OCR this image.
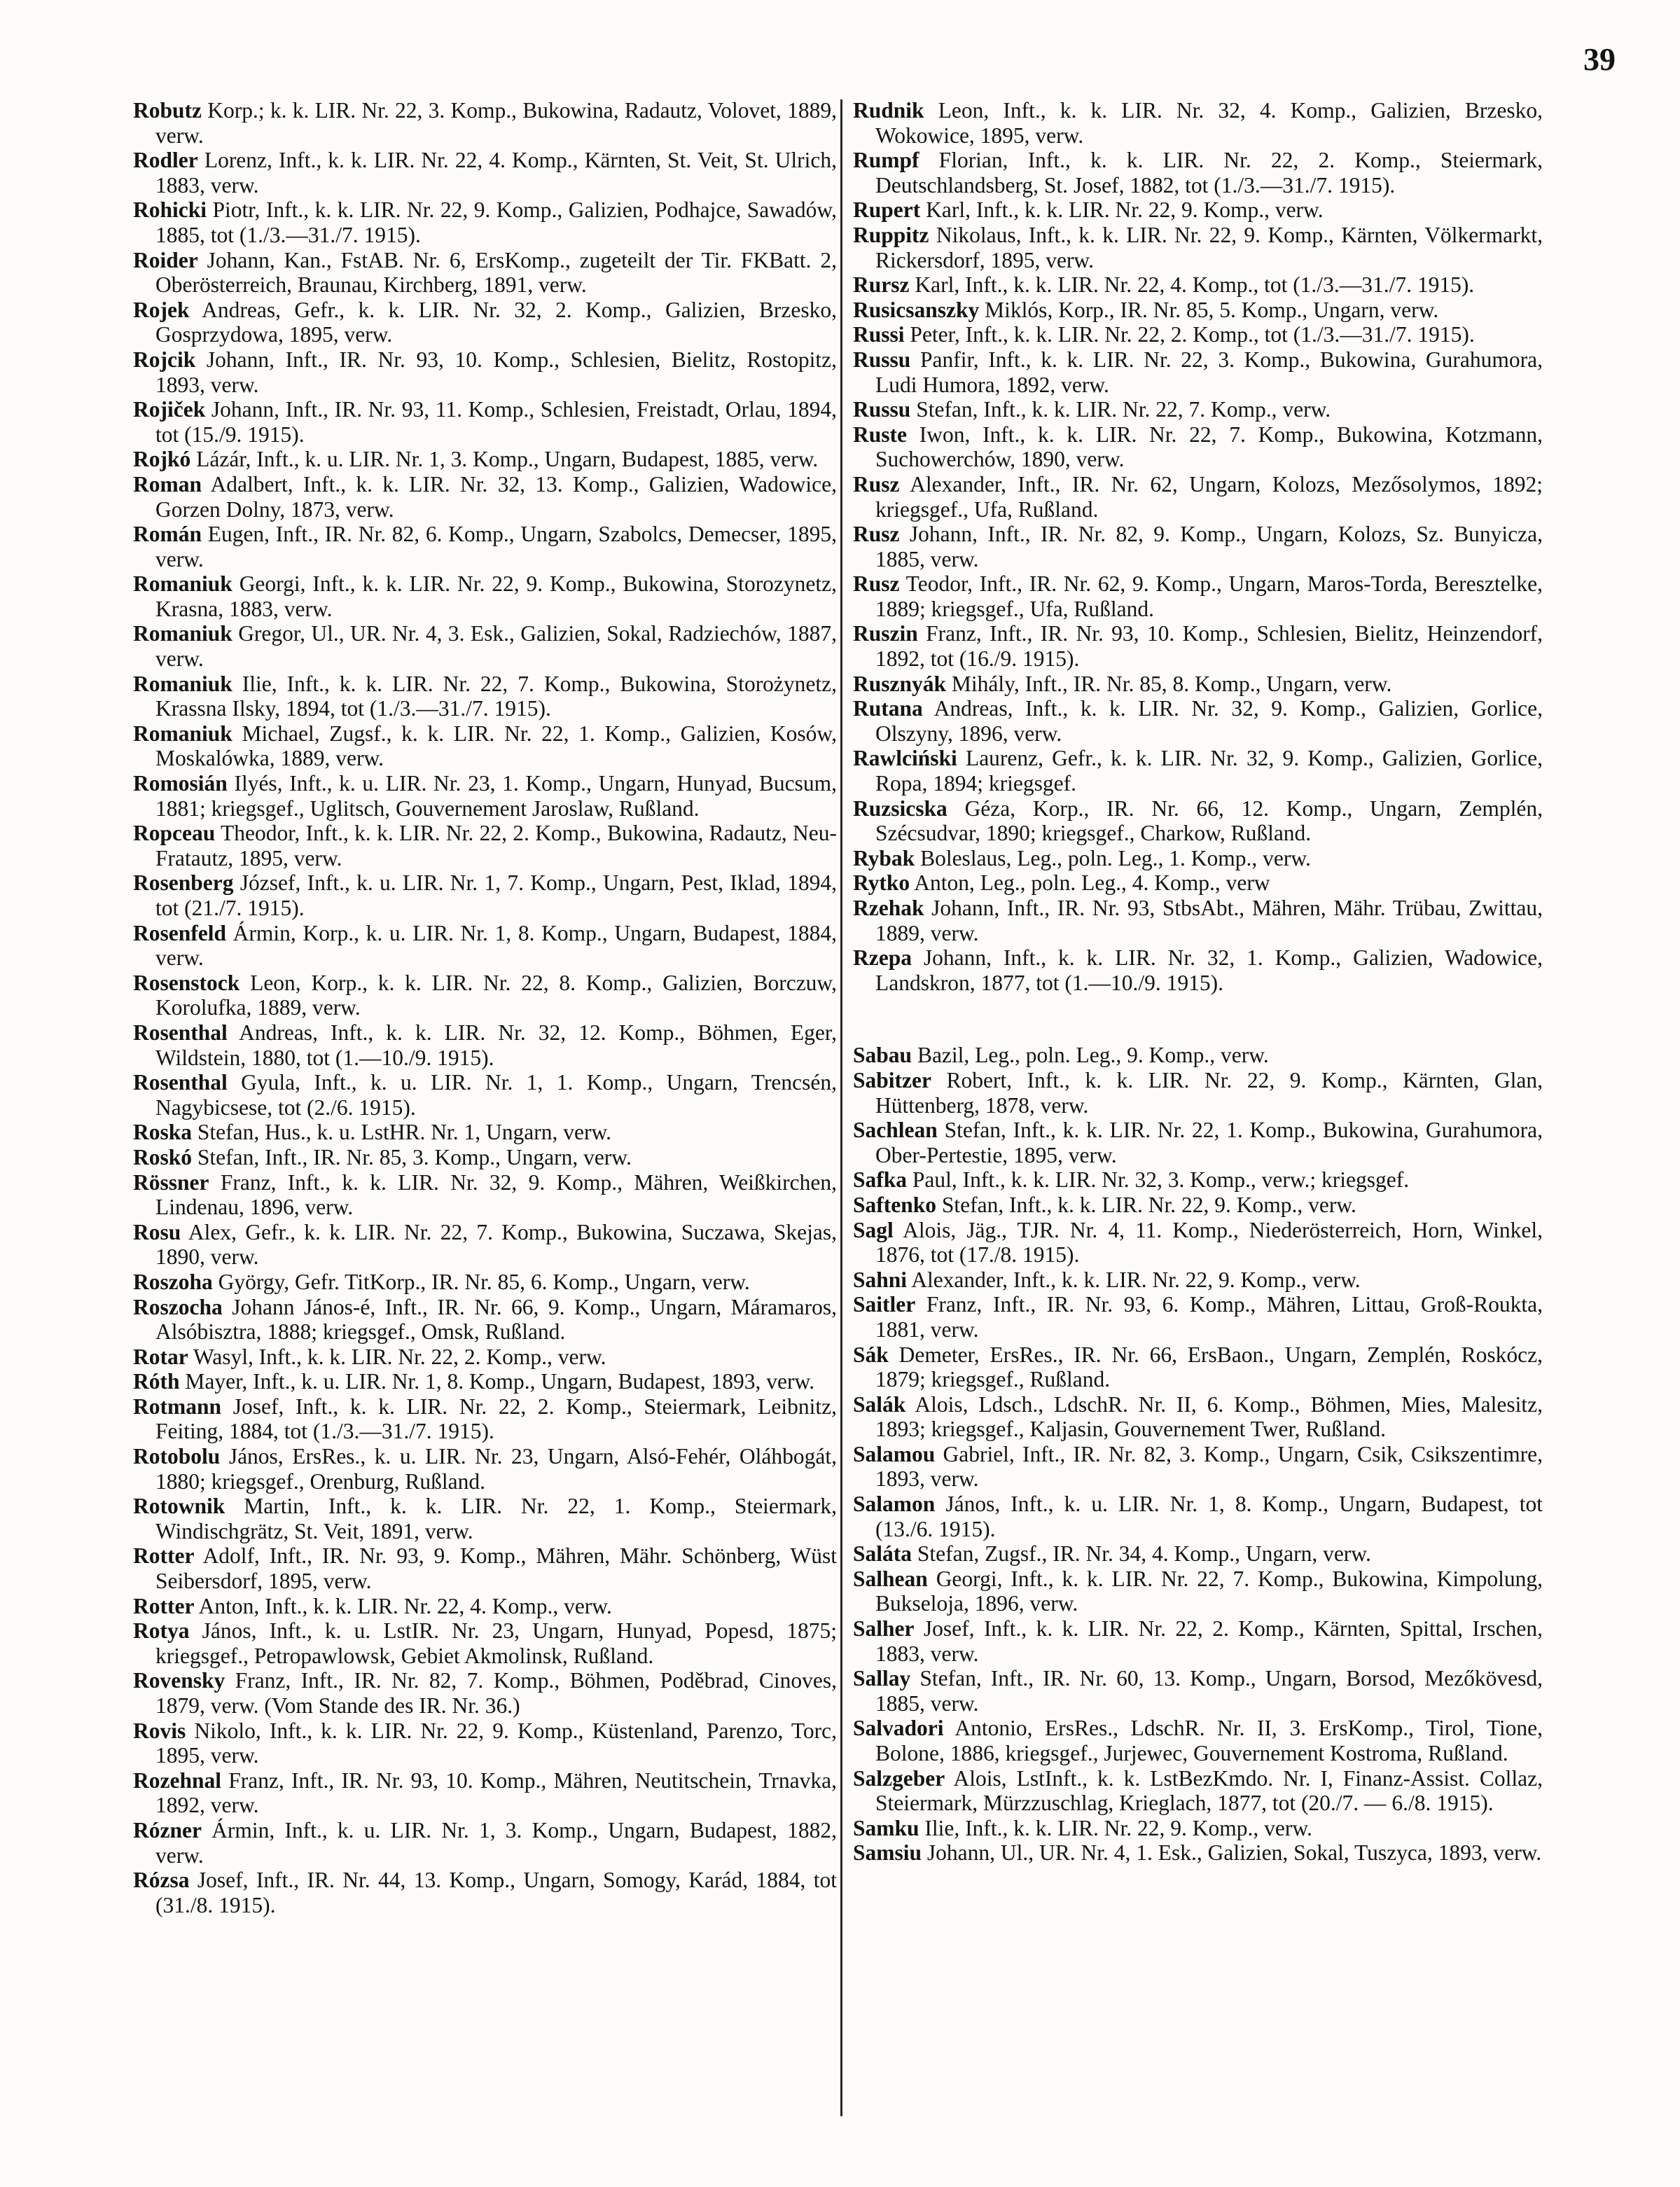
39

Robutz Korp.; k. k. LIR. Nr. 22, 3. Komp., Bukowina, Radautz, Volovet, 1889, verw.

Rodler Lorenz, Inft., k. k. LIR. Nr. 22, 4. Komp., Kärnten, St. Veit, St. Ulrich, 1883, verw.

Rohicki Piotr, Inft., k. k. LIR. Nr. 22, 9. Komp., Galizien, Podhajce, Sawadów, 1885, tot (1./3.—31./7. 1915).

Roider Johann, Kan., FstAB. Nr. 6, ErsKomp., zugeteilt der Tir. FKBatt. 2, Oberösterreich, Braunau, Kirchberg, 1891, verw.

Rojek Andreas, Gefr., k. k. LIR. Nr. 32, 2. Komp., Galizien, Brzesko, Gosprzydowa, 1895, verw.

Rojcik Johann, Inft., IR. Nr. 93, 10. Komp., Schlesien, Bielitz, Rostopitz, 1893, verw.

Rojiček Johann, Inft., IR. Nr. 93, 11. Komp., Schlesien, Freistadt, Orlau, 1894, tot (15./9. 1915).

Rojkó Lázár, Inft., k. u. LIR. Nr. 1, 3. Komp., Ungarn, Budapest, 1885, verw.

Roman Adalbert, Inft., k. k. LIR. Nr. 32, 13. Komp., Galizien, Wadowice, Gorzen Dolny, 1873, verw.

Román Eugen, Inft., IR. Nr. 82, 6. Komp., Ungarn, Szabolcs, Demecser, 1895, verw.

Romaniuk Georgi, Inft., k. k. LIR. Nr. 22, 9. Komp., Bukowina, Storozynetz, Krasna, 1883, verw.

Romaniuk Gregor, Ul., UR. Nr. 4, 3. Esk., Galizien, Sokal, Radziechów, 1887, verw.

Romaniuk Ilie, Inft., k. k. LIR. Nr. 22, 7. Komp., Bukowina, Storożynetz, Krassna Ilsky, 1894, tot (1./3.—31./7. 1915).

Romaniuk Michael, Zugsf., k. k. LIR. Nr. 22, 1. Komp., Galizien, Kosów, Moskalówka, 1889, verw.

Romosián Ilyés, Inft., k. u. LIR. Nr. 23, 1. Komp., Ungarn, Hunyad, Bucsum, 1881; kriegsgef., Uglitsch, Gouvernement Jaroslaw, Rußland.

Ropceau Theodor, Inft., k. k. LIR. Nr. 22, 2. Komp., Bukowina, Radautz, Neu-Fratautz, 1895, verw.

Rosenberg József, Inft., k. u. LIR. Nr. 1, 7. Komp., Ungarn, Pest, Iklad, 1894, tot (21./7. 1915).

Rosenfeld Ármin, Korp., k. u. LIR. Nr. 1, 8. Komp., Ungarn, Budapest, 1884, verw.

Rosenstock Leon, Korp., k. k. LIR. Nr. 22, 8. Komp., Galizien, Borczuw, Korolufka, 1889, verw.

Rosenthal Andreas, Inft., k. k. LIR. Nr. 32, 12. Komp., Böhmen, Eger, Wildstein, 1880, tot (1.—10./9. 1915).

Rosenthal Gyula, Inft., k. u. LIR. Nr. 1, 1. Komp., Ungarn, Trencsén, Nagybicsese, tot (2./6. 1915).

Roska Stefan, Hus., k. u. LstHR. Nr. 1, Ungarn, verw.

Roskó Stefan, Inft., IR. Nr. 85, 3. Komp., Ungarn, verw.

Rössner Franz, Inft., k. k. LIR. Nr. 32, 9. Komp., Mähren, Weißkirchen, Lindenau, 1896, verw.

Rosu Alex, Gefr., k. k. LIR. Nr. 22, 7. Komp., Bukowina, Suczawa, Skejas, 1890, verw.

Roszoha György, Gefr. TitKorp., IR. Nr. 85, 6. Komp., Ungarn, verw.

Roszocha Johann János-é, Inft., IR. Nr. 66, 9. Komp., Ungarn, Máramaros, Alsóbisztra, 1888; kriegsgef., Omsk, Rußland.

Rotar Wasyl, Inft., k. k. LIR. Nr. 22, 2. Komp., verw.

Róth Mayer, Inft., k. u. LIR. Nr. 1, 8. Komp., Ungarn, Budapest, 1893, verw.

Rotmann Josef, Inft., k. k. LIR. Nr. 22, 2. Komp., Steiermark, Leibnitz, Feiting, 1884, tot (1./3.—31./7. 1915).

Rotobolu János, ErsRes., k. u. LIR. Nr. 23, Ungarn, Alsó-Fehér, Oláhbogát, 1880; kriegsgef., Orenburg, Rußland.

Rotownik Martin, Inft., k. k. LIR. Nr. 22, 1. Komp., Steiermark, Windischgrätz, St. Veit, 1891, verw.

Rotter Adolf, Inft., IR. Nr. 93, 9. Komp., Mähren, Mähr. Schönberg, Wüst Seibersdorf, 1895, verw.

Rotter Anton, Inft., k. k. LIR. Nr. 22, 4. Komp., verw.

Rotya János, Inft., k. u. LstIR. Nr. 23, Ungarn, Hunyad, Popesd, 1875; kriegsgef., Petropawlowsk, Gebiet Akmolinsk, Rußland.

Rovensky Franz, Inft., IR. Nr. 82, 7. Komp., Böhmen, Poděbrad, Cinoves, 1879, verw. (Vom Stande des IR. Nr. 36.)

Rovis Nikolo, Inft., k. k. LIR. Nr. 22, 9. Komp., Küstenland, Parenzo, Torc, 1895, verw.

Rozehnal Franz, Inft., IR. Nr. 93, 10. Komp., Mähren, Neutitschein, Trnavka, 1892, verw.

Rózner Ármin, Inft., k. u. LIR. Nr. 1, 3. Komp., Ungarn, Budapest, 1882, verw.

Rózsa Josef, Inft., IR. Nr. 44, 13. Komp., Ungarn, Somogy, Karád, 1884, tot (31./8. 1915).

Rudnik Leon, Inft., k. k. LIR. Nr. 32, 4. Komp., Galizien, Brzesko, Wokowice, 1895, verw.

Rumpf Florian, Inft., k. k. LIR. Nr. 22, 2. Komp., Steiermark, Deutschlandsberg, St. Josef, 1882, tot (1./3.—31./7. 1915).

Rupert Karl, Inft., k. k. LIR. Nr. 22, 9. Komp., verw.

Ruppitz Nikolaus, Inft., k. k. LIR. Nr. 22, 9. Komp., Kärnten, Völkermarkt, Rickersdorf, 1895, verw.

Rursz Karl, Inft., k. k. LIR. Nr. 22, 4. Komp., tot (1./3.—31./7. 1915).

Rusicsanszky Miklós, Korp., IR. Nr. 85, 5. Komp., Ungarn, verw.

Russi Peter, Inft., k. k. LIR. Nr. 22, 2. Komp., tot (1./3.—31./7. 1915).

Russu Panfir, Inft., k. k. LIR. Nr. 22, 3. Komp., Bukowina, Gurahumora, Ludi Humora, 1892, verw.

Russu Stefan, Inft., k. k. LIR. Nr. 22, 7. Komp., verw.

Ruste Iwon, Inft., k. k. LIR. Nr. 22, 7. Komp., Bukowina, Kotzmann, Suchowerchów, 1890, verw.

Rusz Alexander, Inft., IR. Nr. 62, Ungarn, Kolozs, Mezősolymos, 1892; kriegsgef., Ufa, Rußland.

Rusz Johann, Inft., IR. Nr. 82, 9. Komp., Ungarn, Kolozs, Sz. Bunyicza, 1885, verw.

Rusz Teodor, Inft., IR. Nr. 62, 9. Komp., Ungarn, Maros-Torda, Beresztelke, 1889; kriegsgef., Ufa, Rußland.

Ruszin Franz, Inft., IR. Nr. 93, 10. Komp., Schlesien, Bielitz, Heinzendorf, 1892, tot (16./9. 1915).

Rusznyák Mihály, Inft., IR. Nr. 85, 8. Komp., Ungarn, verw.

Rutana Andreas, Inft., k. k. LIR. Nr. 32, 9. Komp., Galizien, Gorlice, Olszyny, 1896, verw.

Rawlciński Laurenz, Gefr., k. k. LIR. Nr. 32, 9. Komp., Galizien, Gorlice, Ropa, 1894; kriegsgef.

Ruzsicska Géza, Korp., IR. Nr. 66, 12. Komp., Ungarn, Zemplén, Szécsudvar, 1890; kriegsgef., Charkow, Rußland.

Rybak Boleslaus, Leg., poln. Leg., 1. Komp., verw.

Rytko Anton, Leg., poln. Leg., 4. Komp., verw

Rzehak Johann, Inft., IR. Nr. 93, StbsAbt., Mähren, Mähr. Trübau, Zwittau, 1889, verw.

Rzepa Johann, Inft., k. k. LIR. Nr. 32, 1. Komp., Galizien, Wadowice, Landskron, 1877, tot (1.—10./9. 1915).

Sabau Bazil, Leg., poln. Leg., 9. Komp., verw.

Sabitzer Robert, Inft., k. k. LIR. Nr. 22, 9. Komp., Kärnten, Glan, Hüttenberg, 1878, verw.

Sachlean Stefan, Inft., k. k. LIR. Nr. 22, 1. Komp., Bukowina, Gurahumora, Ober-Pertestie, 1895, verw.

Safka Paul, Inft., k. k. LIR. Nr. 32, 3. Komp., verw.; kriegsgef.

Saftenko Stefan, Inft., k. k. LIR. Nr. 22, 9. Komp., verw.

Sagl Alois, Jäg., TJR. Nr. 4, 11. Komp., Niederösterreich, Horn, Winkel, 1876, tot (17./8. 1915).

Sahni Alexander, Inft., k. k. LIR. Nr. 22, 9. Komp., verw.

Saitler Franz, Inft., IR. Nr. 93, 6. Komp., Mähren, Littau, Groß-Roukta, 1881, verw.

Sák Demeter, ErsRes., IR. Nr. 66, ErsBaon., Ungarn, Zemplén, Roskócz, 1879; kriegsgef., Rußland.

Salák Alois, Ldsch., LdschR. Nr. II, 6. Komp., Böhmen, Mies, Malesitz, 1893; kriegsgef., Kaljasin, Gouvernement Twer, Rußland.

Salamou Gabriel, Inft., IR. Nr. 82, 3. Komp., Ungarn, Csik, Csikszentimre, 1893, verw.

Salamon János, Inft., k. u. LIR. Nr. 1, 8. Komp., Ungarn, Budapest, tot (13./6. 1915).

Saláta Stefan, Zugsf., IR. Nr. 34, 4. Komp., Ungarn, verw.

Salhean Georgi, Inft., k. k. LIR. Nr. 22, 7. Komp., Bukowina, Kimpolung, Bukseloja, 1896, verw.

Salher Josef, Inft., k. k. LIR. Nr. 22, 2. Komp., Kärnten, Spittal, Irschen, 1883, verw.

Sallay Stefan, Inft., IR. Nr. 60, 13. Komp., Ungarn, Borsod, Mezőkövesd, 1885, verw.

Salvadori Antonio, ErsRes., LdschR. Nr. II, 3. ErsKomp., Tirol, Tione, Bolone, 1886, kriegsgef., Jurjewec, Gouvernement Kostroma, Rußland.

Salzgeber Alois, LstInft., k. k. LstBezKmdo. Nr. I, Finanz-Assist. Collaz, Steiermark, Mürzzuschlag, Krieglach, 1877, tot (20./7. — 6./8. 1915).

Samku Ilie, Inft., k. k. LIR. Nr. 22, 9. Komp., verw.

Samsiu Johann, Ul., UR. Nr. 4, 1. Esk., Galizien, Sokal, Tuszyca, 1893, verw.
